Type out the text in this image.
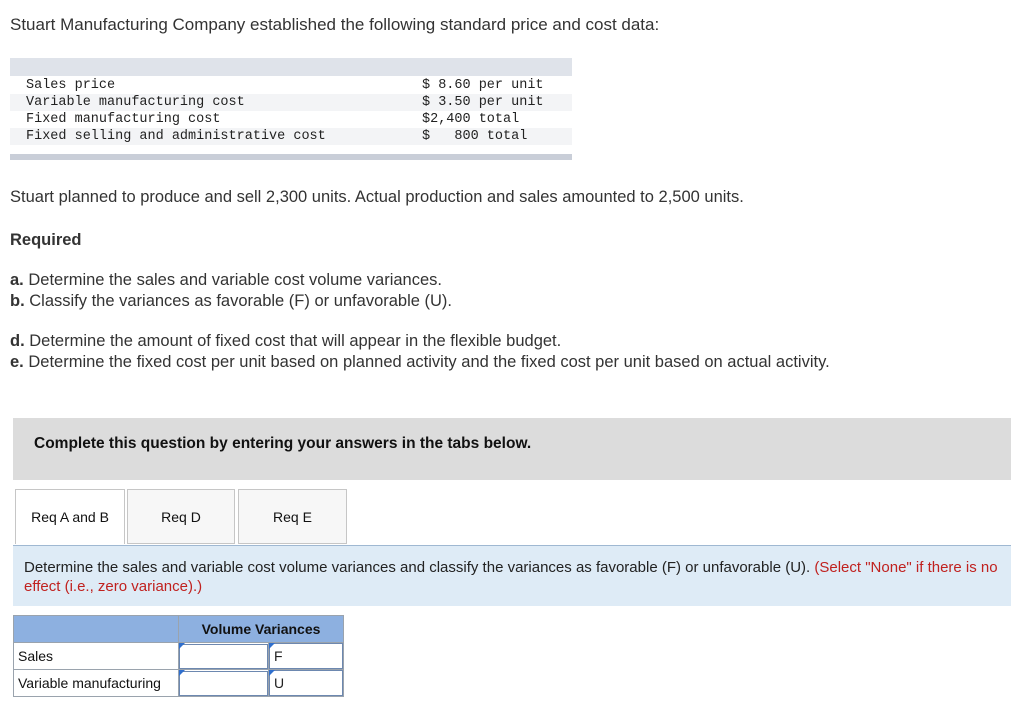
Stuart Manufacturing Company established the following standard price and cost data:
Sales price	$ 8.60 per unit
Variable manufacturing cost	$ 3.50 per unit
Fixed manufacturing cost	$2,400 total
Fixed selling and administrative cost	$   800 total
Stuart planned to produce and sell 2,300 units. Actual production and sales amounted to 2,500 units.
Required
a. Determine the sales and variable cost volume variances.
b. Classify the variances as favorable (F) or unfavorable (U).
d. Determine the amount of fixed cost that will appear in the flexible budget.
e. Determine the fixed cost per unit based on planned activity and the fixed cost per unit based on actual activity.
Complete this question by entering your answers in the tabs below.
Req A and B	Req D	Req E
Determine the sales and variable cost volume variances and classify the variances as favorable (F) or unfavorable (U). (Select "None" if there is no effect (i.e., zero variance).)
	Volume Variances	
Sales		F

Variable manufacturing		U
